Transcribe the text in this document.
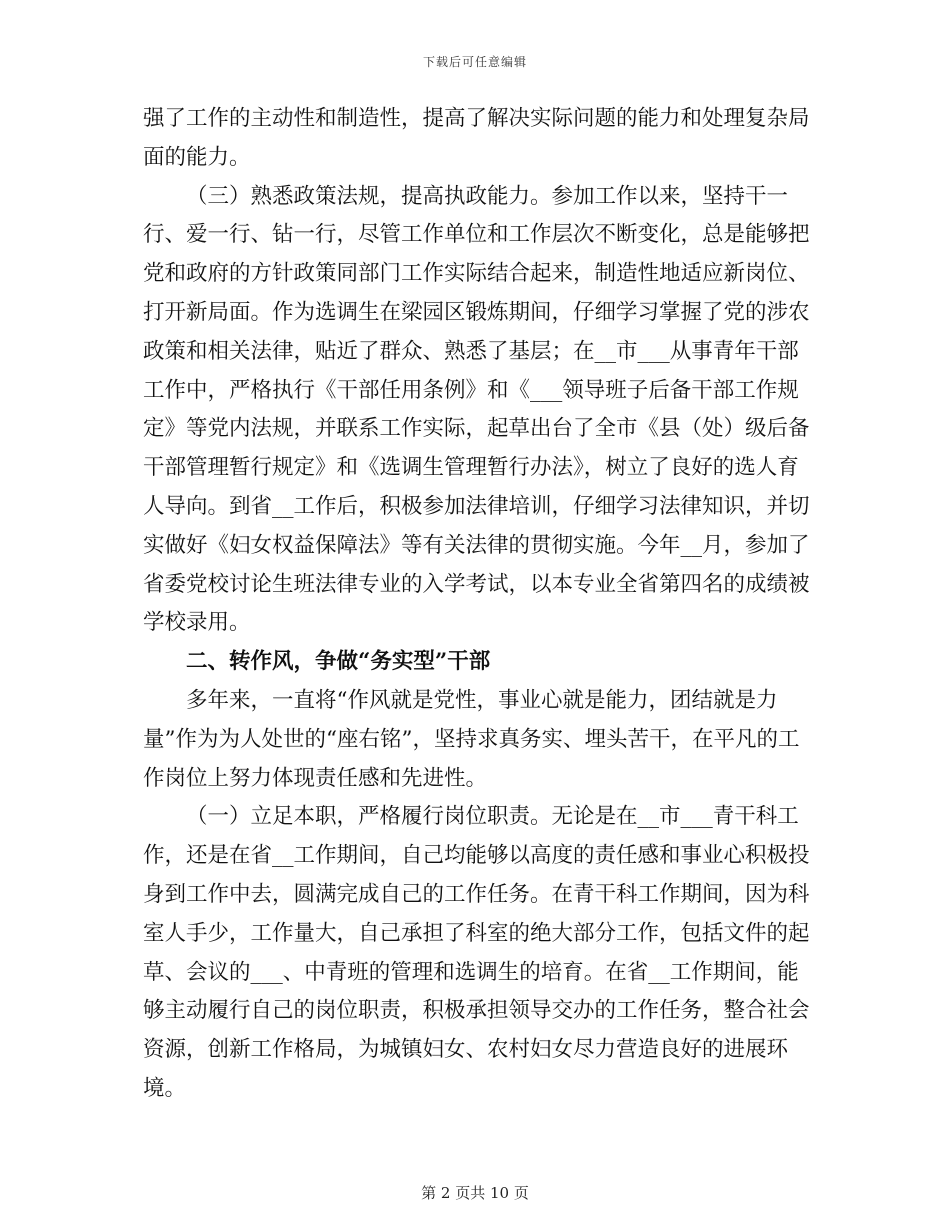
下载后可任意编辑

强了工作的主动性和制造性，提高了解决实际问题的能力和处理复杂局面的能力。

（三）熟悉政策法规，提高执政能力。参加工作以来，坚持干一行、爱一行、钻一行，尽管工作单位和工作层次不断变化，总是能够把党和政府的方针政策同部门工作实际结合起来，制造性地适应新岗位、打开新局面。作为选调生在梁园区锻炼期间，仔细学习掌握了党的涉农政策和相关法律，贴近了群众、熟悉了基层；在__市___从事青年干部工作中，严格执行《干部任用条例》和《___领导班子后备干部工作规定》等党内法规，并联系工作实际，起草出台了全市《县（处）级后备干部管理暂行规定》和《选调生管理暂行办法》，树立了良好的选人育人导向。到省__工作后，积极参加法律培训，仔细学习法律知识，并切实做好《妇女权益保障法》等有关法律的贯彻实施。今年__月，参加了省委党校讨论生班法律专业的入学考试，以本专业全省第四名的成绩被学校录用。

二、转作风，争做“务实型”干部

多年来，一直将“作风就是党性，事业心就是能力，团结就是力量”作为为人处世的“座右铭”，坚持求真务实、埋头苦干，在平凡的工作岗位上努力体现责任感和先进性。

（一）立足本职，严格履行岗位职责。无论是在__市___青干科工作，还是在省__工作期间，自己均能够以高度的责任感和事业心积极投身到工作中去，圆满完成自己的工作任务。在青干科工作期间，因为科室人手少，工作量大，自己承担了科室的绝大部分工作，包括文件的起草、会议的___、中青班的管理和选调生的培育。在省__工作期间，能够主动履行自己的岗位职责，积极承担领导交办的工作任务，整合社会资源，创新工作格局，为城镇妇女、农村妇女尽力营造良好的进展环境。

第 2 页共 10 页
